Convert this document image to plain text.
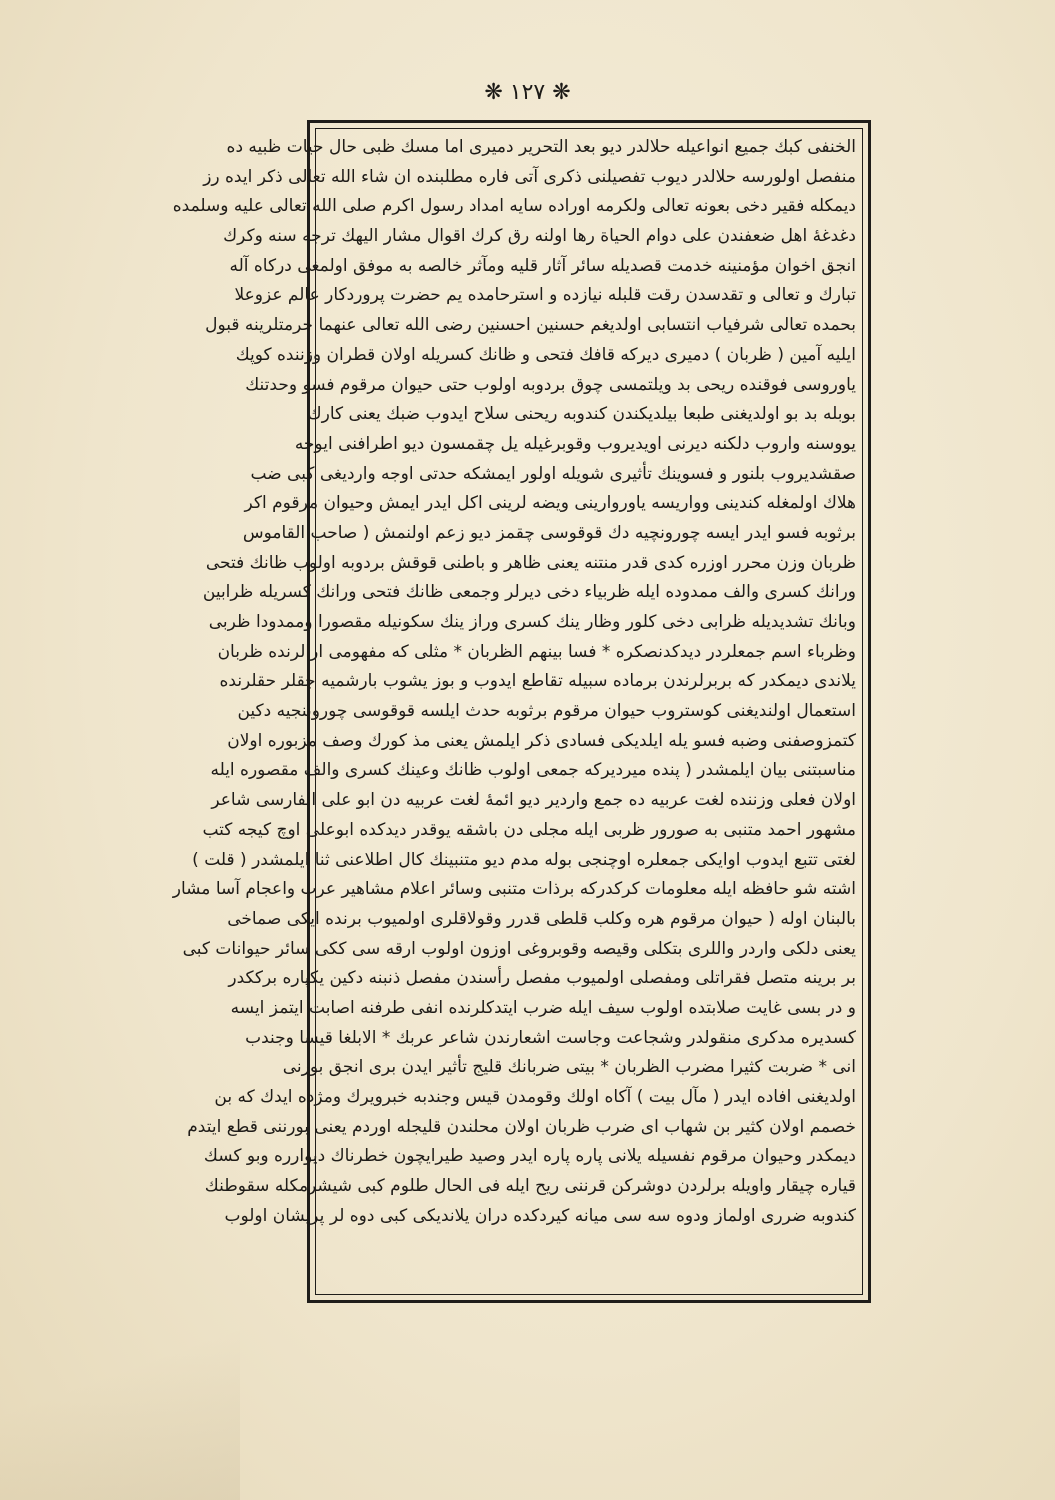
❋ ۱۲۷ ❋
الخنفی کبك جمیع انواعیله حلالدر دیو بعد التحریر دمیری اما مسك ظبی حال حیات ظبیه ده
منفصل اولورسه حلالدر دیوب تفصیلنی ذکری آتی فاره مطلبنده ان شاء الله تعالی ذکر ایده رز
دیمکله فقیر دخی بعونه تعالی ولکرمه اوراده سایه امداد رسول اکرم صلی الله تعالی علیه وسلمده
دغدغهٔ اهل ضعفندن علی دوام الحیاة رها اولنه رق کرك اقوال مشار الیهك ترجه سنه وکرك
انجق اخوان مؤمنینه خدمت قصدیله سائر آثار قلیه ومآثر خالصه به موفق اولمغی درکاه آله
تبارك و تعالی و تقدسدن رقت قلبله نیازده و استرحامده یم حضرت پروردکار عالم عزوعلا
بحمده تعالی شرفیاب انتسابی اولدیغم حسنین احسنین رضی الله تعالی عنهما حرمتلرینه قبول
ایلیه آمین ( ظربان ) دمیری دیرکه قافك فتحی و ظانك کسریله اولان قطران وزننده کوپك
یاوروسی فوقنده ریحی بد ویلتمسی چوق بردوبه اولوب حتی حیوان مرقوم فسو وحدتنك
بوبله بد بو اولدیغنی طبعا بیلدیکندن کندوبه ریحنی سلاح ایدوب ضبك یعنی کارك
یووسنه واروب دلکنه دیرنی اویدیروب وقوبرغیله یل چقمسون دیو اطرافنی ایوجه
صقشدیروب بلنور و فسوینك تأثیری شویله اولور ایمشکه حدتی اوجه واردیغی کبی ضب
هلاك اولمغله کندینی وواریسه یاوروارینی ویضه لرینی اکل ایدر ایمش وحیوان مرقوم اکر
برثوبه فسو ایدر ایسه چورونچیه دك قوقوسی چقمز دیو زعم اولنمش ( صاحب القاموس
ظربان وزن محرر اوزره کدی قدر منتنه یعنی ظاهر و باطنی قوقش بردوبه اولوب ظانك فتحی
ورانك کسری والف ممدوده ایله ظربیاء دخی دیرلر وجمعی ظانك فتحی ورانك کسریله ظرابین
وبانك تشدیدیله ظرابی دخی کلور وظار ینك کسری وراز ینك سکونیله مقصورا وممدودا ظربی
وظرباء اسم جمعلردر دیدکدنصکره * فسا بینهم الظربان * مثلی که مفهومی ارالرنده ظربان
یلاندی دیمکدر که بربرلرندن برماده سبیله تقاطع ایدوب و بوز یشوب بارشمیه جقلر حقلرنده
استعمال اولندیغنی کوستروب حیوان مرقوم برثوبه حدث ایلسه قوقوسی چوروبنجیه دکین
کتمزوصفنی وضبه فسو یله ایلدیکی فسادی ذکر ایلمش یعنی مذ کورك وصف مزبوره اولان
مناسبتنی بیان ایلمشدر ( پنده میردیرکه جمعی اولوب ظانك وعینك کسری والف مقصوره ایله
اولان فعلی وزننده لغت عربیه ده جمع واردیر دیو ائمهٔ لغت عربیه دن ابو علی الفارسی شاعر
مشهور احمد متنبی به صورور ظربی ایله مجلی دن باشقه یوقدر دیدکده ابوعلی اوچ کیجه کتب
لغتی تتبع ایدوب اوایکی جمعلره اوچنجی بوله مدم دیو متنبینك کال اطلاعنی ثنا ایلمشدر ( قلت )
اشته شو حافظه ایله معلومات کرکدرکه برذات متنبی وسائر اعلام مشاهیر عرب واعجام آسا مشار
بالبنان اوله ( حیوان مرقوم هره وکلب قلطی قدرر وقولاقلری اولمیوب برنده ایکی صماخی
یعنی دلکی واردر واللری بتکلی وقیصه وقوبروغی اوزون اولوب ارقه سی ککی سائر حیوانات کبی
بر برینه متصل فقراتلی ومفصلی اولمیوب مفصل رأسندن مفصل ذنبنه دکین یکپاره برککدر
و در بسی غایت صلابتده اولوب سیف ایله ضرب ایتدکلرنده انفی طرفنه اصابت ایتمز ایسه
کسدیره مدکری منقولدر وشجاعت وجاست اشعارندن شاعر عربك * الابلغا قیسا وجندب
انی * ضربت کثیرا مضرب الظربان * بیتی ضربانك قلیج تأثیر ایدن بری انجق بورنی
اولدیغنی افاده ایدر ( مآل بیت ) آکاه اولك وقومدن قیس وجندبه خبرویرك ومژده ایدك که بن
خصمم اولان کثیر بن شهاب ای ضرب ظربان اولان محلندن قلیجله اوردم یعنی بورننی قطع ایتدم
دیمکدر وحیوان مرقوم نفسیله یلانی پاره پاره ایدر وصید طیرایچون خطرناك دیوارره وبو کسك
قیاره چیقار واویله برلردن دوشرکن قرننی ریح ایله فی الحال طلوم کبی شیشرمکله سقوطنك
کندوبه ضرری اولماز ودوه سه سی میانه کیردکده دران یلاندیکی کبی دوه لر پریشان اولوب
